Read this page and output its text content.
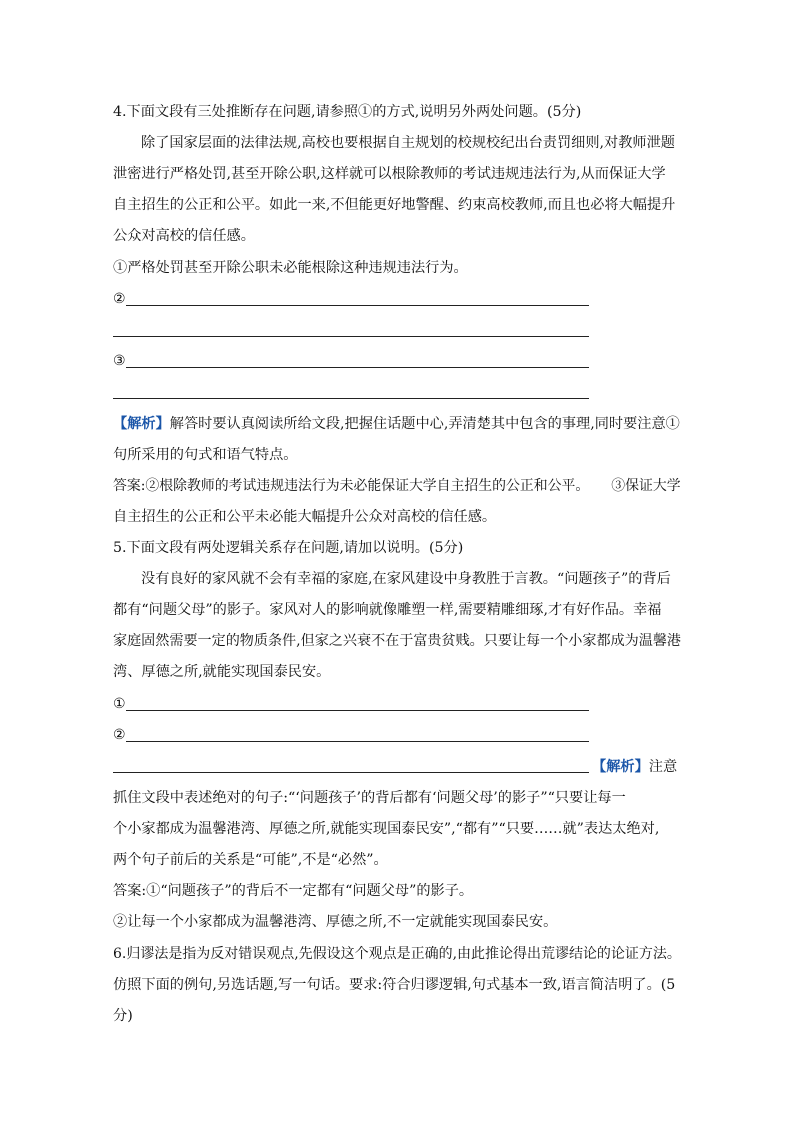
4.下面文段有三处推断存在问题,请参照①的方式,说明另外两处问题。(5分)
除了国家层面的法律法规,高校也要根据自主规划的校规校纪出台责罚细则,对教师泄题
泄密进行严格处罚,甚至开除公职,这样就可以根除教师的考试违规违法行为,从而保证大学
自主招生的公正和公平。如此一来,不但能更好地警醒、约束高校教师,而且也必将大幅提升
公众对高校的信任感。
①严格处罚甚至开除公职未必能根除这种违规违法行为。
②
③
【解析】解答时要认真阅读所给文段,把握住话题中心,弄清楚其中包含的事理,同时要注意①
句所采用的句式和语气特点。
答案:②根除教师的考试违规违法行为未必能保证大学自主招生的公正和公平。     ③保证大学
自主招生的公正和公平未必能大幅提升公众对高校的信任感。
5.下面文段有两处逻辑关系存在问题,请加以说明。(5分)
没有良好的家风就不会有幸福的家庭,在家风建设中身教胜于言教。“问题孩子”的背后
都有“问题父母”的影子。家风对人的影响就像雕塑一样,需要精雕细琢,才有好作品。幸福
家庭固然需要一定的物质条件,但家之兴衰不在于富贵贫贱。只要让每一个小家都成为温馨港
湾、厚德之所,就能实现国泰民安。
①
②
【解析】注意
抓住文段中表述绝对的句子:“‘问题孩子’的背后都有‘问题父母’的影子”“只要让每一
个小家都成为温馨港湾、厚德之所,就能实现国泰民安”,“都有”“只要……就”表达太绝对,
两个句子前后的关系是“可能”,不是“必然”。
答案:①“问题孩子”的背后不一定都有“问题父母”的影子。
②让每一个小家都成为温馨港湾、厚德之所,不一定就能实现国泰民安。
6.归谬法是指为反对错误观点,先假设这个观点是正确的,由此推论得出荒谬结论的论证方法。
仿照下面的例句,另选话题,写一句话。要求:符合归谬逻辑,句式基本一致,语言简洁明了。(5
分)
